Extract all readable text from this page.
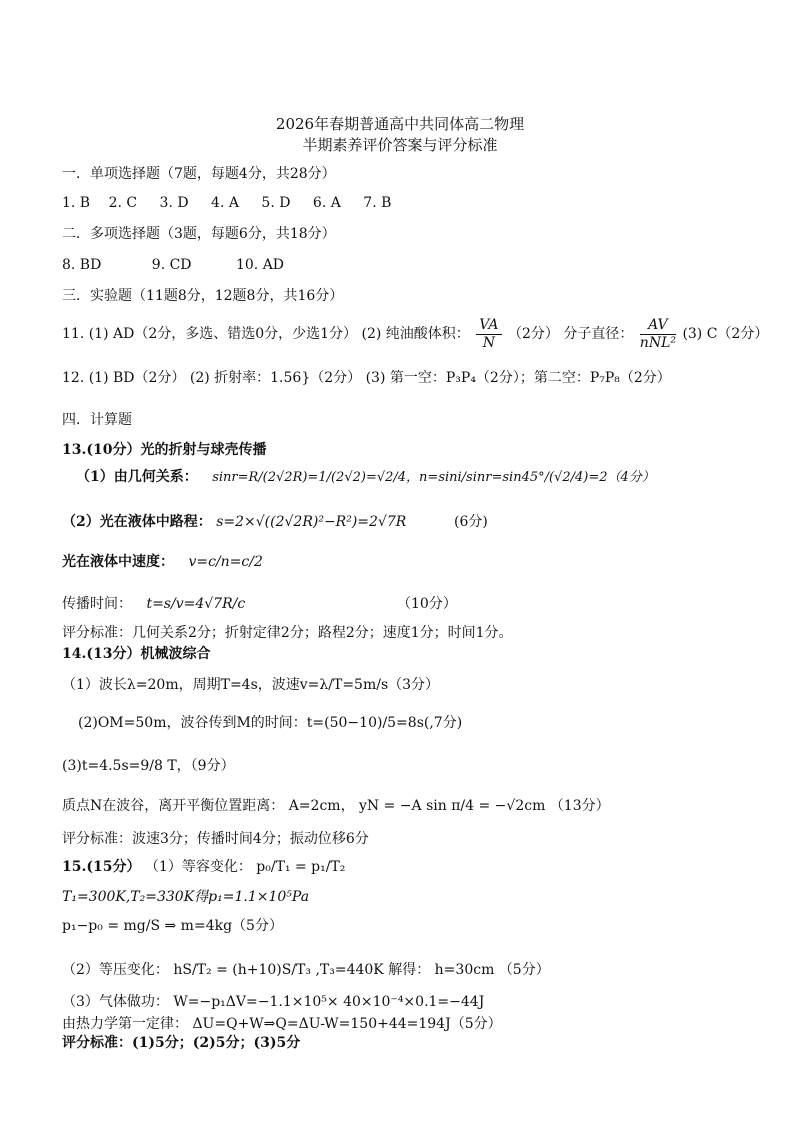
2026年春期普通高中共同体高二物理
半期素养评价答案与评分标准
一．单项选择题（7题，每题4分，共28分）
1. B 2. C 3. D 4. A 5. D 6. A 7. B
二．多项选择题（3题，每题6分，共18分）
8. BD	9. CD	10. AD
三．实验题（11题8分，12题8分，共16分）
11. (1) AD（2分，多选、错选0分，少选1分） (2) 纯油酸体积： $\frac{VA}{N} (2$分） 分子直径： $\frac{AV}{\text{nNL²}} (3)$ C（2分）
12. (1) BD（2分） (2) 折射率：1.56}（2分） (3) 第一空：P₃P₄（2分）；第二空：P₇P₈（2分）
四．计算题
13.(10分）光的折射与球壳传播
（1）由几何关系： sinr=R/(2√2R)=1/(2√2)=√2/4，n=sini/sinr=sin45°/(√2/4)=2（4分）
（2）光在液体中路程： s=2×√((2√2R)²−R²)=2√7R	(6分)
光在液体中速度： v=c/n=c/2
传播时间： t=s/v=4√7R/c	（10分）
评分标准：几何关系2分；折射定律2分；路程2分；速度1分；时间1分。
14.(13分）机械波综合
（1）波长λ=20m，周期T=4s，波速v=λ/T=5m/s（3分）
(2)OM=50m，波谷传到M的时间：t=(50−10)/5=8s(,7分)
(3)t=4.5s=9/8 T，（9分）
质点N在波谷，离开平衡位置距离： A=2cm， yN = −A sin π/4 = −√2cm （13分）
评分标准：波速3分；传播时间4分；振动位移6分
15.(15分） （1）等容变化： p₀/T₁ = p₁/T₂
T₁=300K,T₂=330K得p₁=1.1×10⁵Pa
p₁−p₀ = mg/S ⇒ m=4kg（5分）
（2）等压变化： hS/T₂ = (h+10)S/T₃ ,T₃=440K 解得： h=30cm （5分）
（3）气体做功： W=−p₁ΔV=−1.1×10⁵× 40×10⁻⁴×0.1=−44J
由热力学第一定律： ΔU=Q+W⇒Q=ΔU-W=150+44=194J（5分）
评分标准：(1)5分；(2)5分；(3)5分
